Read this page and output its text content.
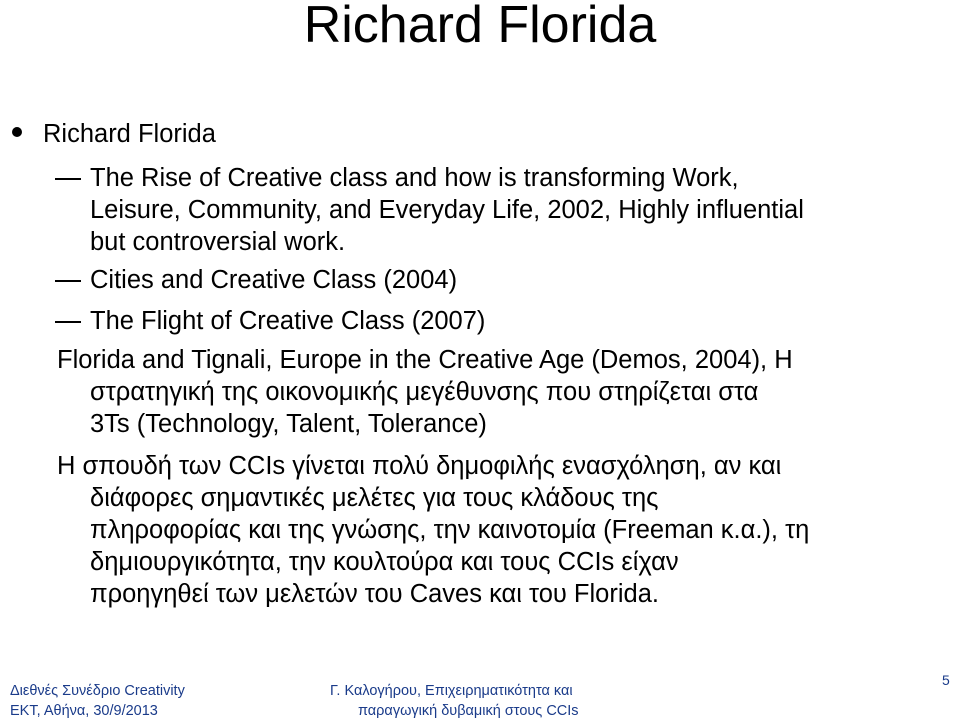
Richard Florida
Richard Florida
The Rise of Creative class and how is transforming Work,
Leisure, Community, and Everyday Life, 2002, Highly influential
but controversial work.
Cities and Creative Class (2004)
The Flight of Creative Class (2007)
Florida and Tignali, Europe in the Creative Age (Demos, 2004), H
στρατηγική της οικονομικής μεγέθυνσης που στηρίζεται στα
3Ts (Technology, Talent, Tolerance)
Η σπουδή των CCIs γίνεται πολύ δημοφιλής ενασχόληση, αν και
διάφορες σημαντικές μελέτες για τους κλάδους της
πληροφορίας και της γνώσης, την καινοτομία (Freeman κ.α.), τη
δημιουργικότητα, την κουλτούρα και τους CCIs είχαν
προηγηθεί των μελετών του Caves και του Florida.
Διεθνές Συνέδριο Creativity
ΕΚΤ, Αθήνα, 30/9/2013
Γ. Καλογήρου, Επιχειρηματικότητα και
παραγωγική δυβαμική στους CCIs
5
